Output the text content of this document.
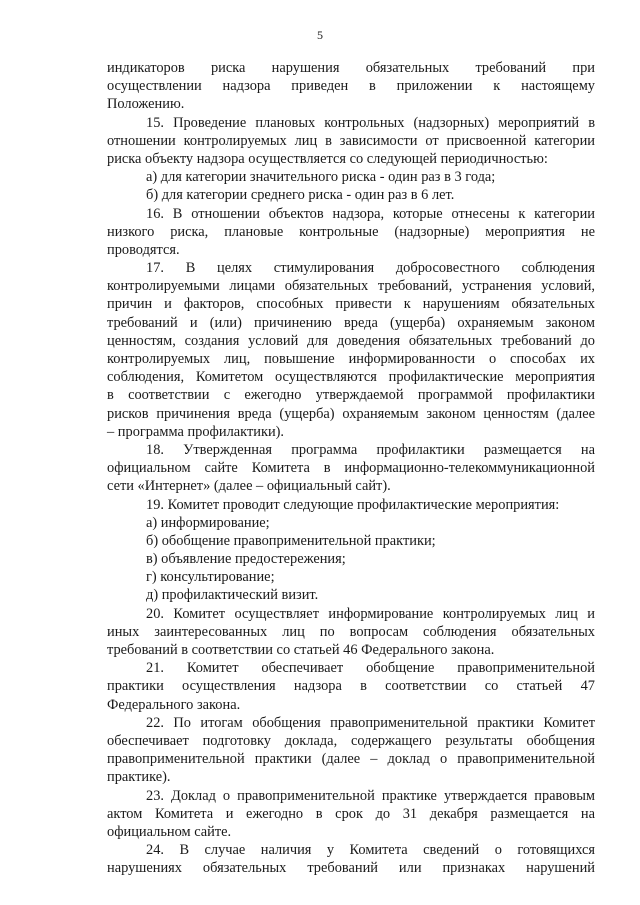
5
индикаторов риска нарушения обязательных требований при
осуществлении надзора приведен в приложении к настоящему
Положению.
15. Проведение плановых контрольных (надзорных) мероприятий в
отношении контролируемых лиц в зависимости от присвоенной категории
риска объекту надзора осуществляется со следующей периодичностью:
а) для категории значительного риска - один раз в 3 года;
б) для категории среднего риска - один раз в 6 лет.
16. В отношении объектов надзора, которые отнесены к категории
низкого риска, плановые контрольные (надзорные) мероприятия не
проводятся.
17. В целях стимулирования добросовестного соблюдения
контролируемыми лицами обязательных требований, устранения условий,
причин и факторов, способных привести к нарушениям обязательных
требований и (или) причинению вреда (ущерба) охраняемым законом
ценностям, создания условий для доведения обязательных требований до
контролируемых лиц, повышение информированности о способах их
соблюдения, Комитетом осуществляются профилактические мероприятия
в соответствии с ежегодно утверждаемой программой профилактики
рисков причинения вреда (ущерба) охраняемым законом ценностям (далее
– программа профилактики).
18. Утвержденная программа профилактики размещается на
официальном сайте Комитета в информационно-телекоммуникационной
сети «Интернет» (далее – официальный сайт).
19. Комитет проводит следующие профилактические мероприятия:
а) информирование;
б) обобщение правоприменительной практики;
в) объявление предостережения;
г) консультирование;
д) профилактический визит.
20. Комитет осуществляет информирование контролируемых лиц и
иных заинтересованных лиц по вопросам соблюдения обязательных
требований в соответствии со статьей 46 Федерального закона.
21. Комитет обеспечивает обобщение правоприменительной
практики осуществления надзора в соответствии со статьей 47
Федерального закона.
22. По итогам обобщения правоприменительной практики Комитет
обеспечивает подготовку доклада, содержащего результаты обобщения
правоприменительной практики (далее – доклад о правоприменительной
практике).
23. Доклад о правоприменительной практике утверждается правовым
актом Комитета и ежегодно в срок до 31 декабря размещается на
официальном сайте.
24. В случае наличия у Комитета сведений о готовящихся
нарушениях обязательных требований или признаках нарушений
